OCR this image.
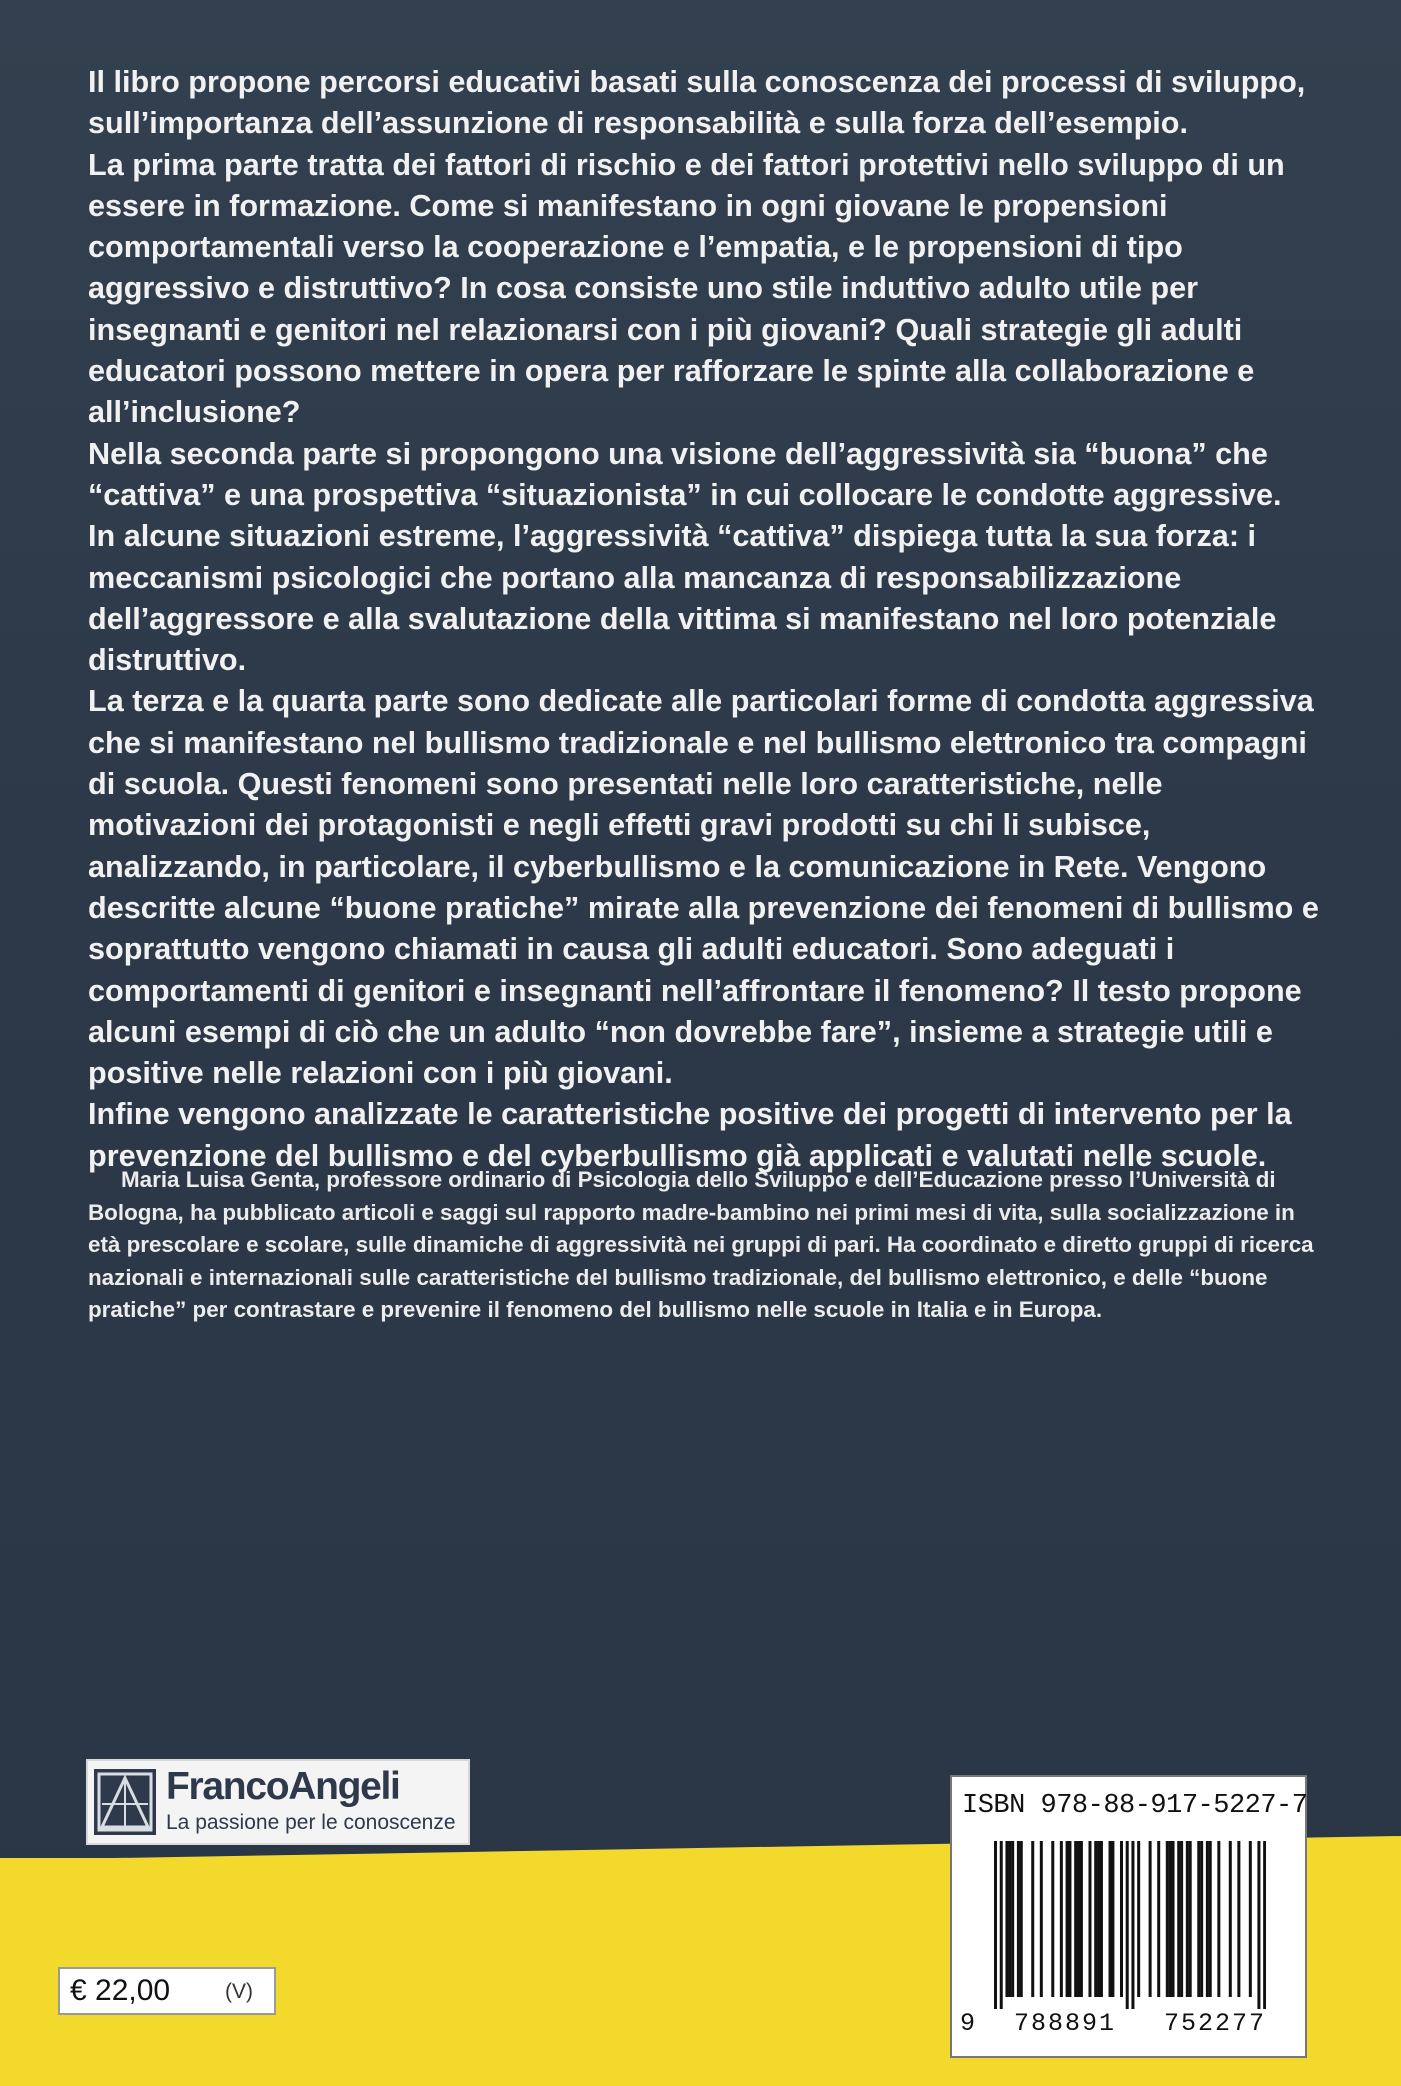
Il libro propone percorsi educativi basati sulla conoscenza dei processi di sviluppo, sull’importanza dell’assunzione di responsabilità e sulla forza dell’esempio.

La prima parte tratta dei fattori di rischio e dei fattori protettivi nello sviluppo di un essere in formazione. Come si manifestano in ogni giovane le propensioni comportamentali verso la cooperazione e l’empatia, e le propensioni di tipo aggressivo e distruttivo? In cosa consiste uno stile induttivo adulto utile per insegnanti e genitori nel relazionarsi con i più giovani? Quali strategie gli adulti educatori possono mettere in opera per rafforzare le spinte alla collaborazione e all’inclusione?

Nella seconda parte si propongono una visione dell’aggressività sia “buona” che “cattiva” e una prospettiva “situazionista” in cui collocare le condotte aggressive.

In alcune situazioni estreme, l’aggressività “cattiva” dispiega tutta la sua forza: i meccanismi psicologici che portano alla mancanza di responsabilizzazione dell’aggressore e alla svalutazione della vittima si manifestano nel loro potenziale distruttivo.

La terza e la quarta parte sono dedicate alle particolari forme di condotta aggressiva che si manifestano nel bullismo tradizionale e nel bullismo elettronico tra compagni di scuola. Questi fenomeni sono presentati nelle loro caratteristiche, nelle motivazioni dei protagonisti e negli effetti gravi prodotti su chi li subisce, analizzando, in particolare, il cyberbullismo e la comunicazione in Rete. Vengono descritte alcune “buone pratiche” mirate alla prevenzione dei fenomeni di bullismo e soprattutto vengono chiamati in causa gli adulti educatori. Sono adeguati i comportamenti di genitori e insegnanti nell’affrontare il fenomeno? Il testo propone alcuni esempi di ciò che un adulto “non dovrebbe fare”, insieme a strategie utili e positive nelle relazioni con i più giovani.

Infine vengono analizzate le caratteristiche positive dei progetti di intervento per la prevenzione del bullismo e del cyberbullismo già applicati e valutati nelle scuole.

Maria Luisa Genta, professore ordinario di Psicologia dello Sviluppo e dell’Educazione presso l’Università di Bologna, ha pubblicato articoli e saggi sul rapporto madre-bambino nei primi mesi di vita, sulla socializzazione in età prescolare e scolare, sulle dinamiche di aggressività nei gruppi di pari. Ha coordinato e diretto gruppi di ricerca nazionali e internazionali sulle caratteristiche del bullismo tradizionale, del bullismo elettronico, e delle “buone pratiche” per contrastare e prevenire il fenomeno del bullismo nelle scuole in Italia e in Europa.

FrancoAngeli
La passione per le conoscenze
€ 22,00	(V)
ISBN 978-88-917-5227-7
9 788891 752277
